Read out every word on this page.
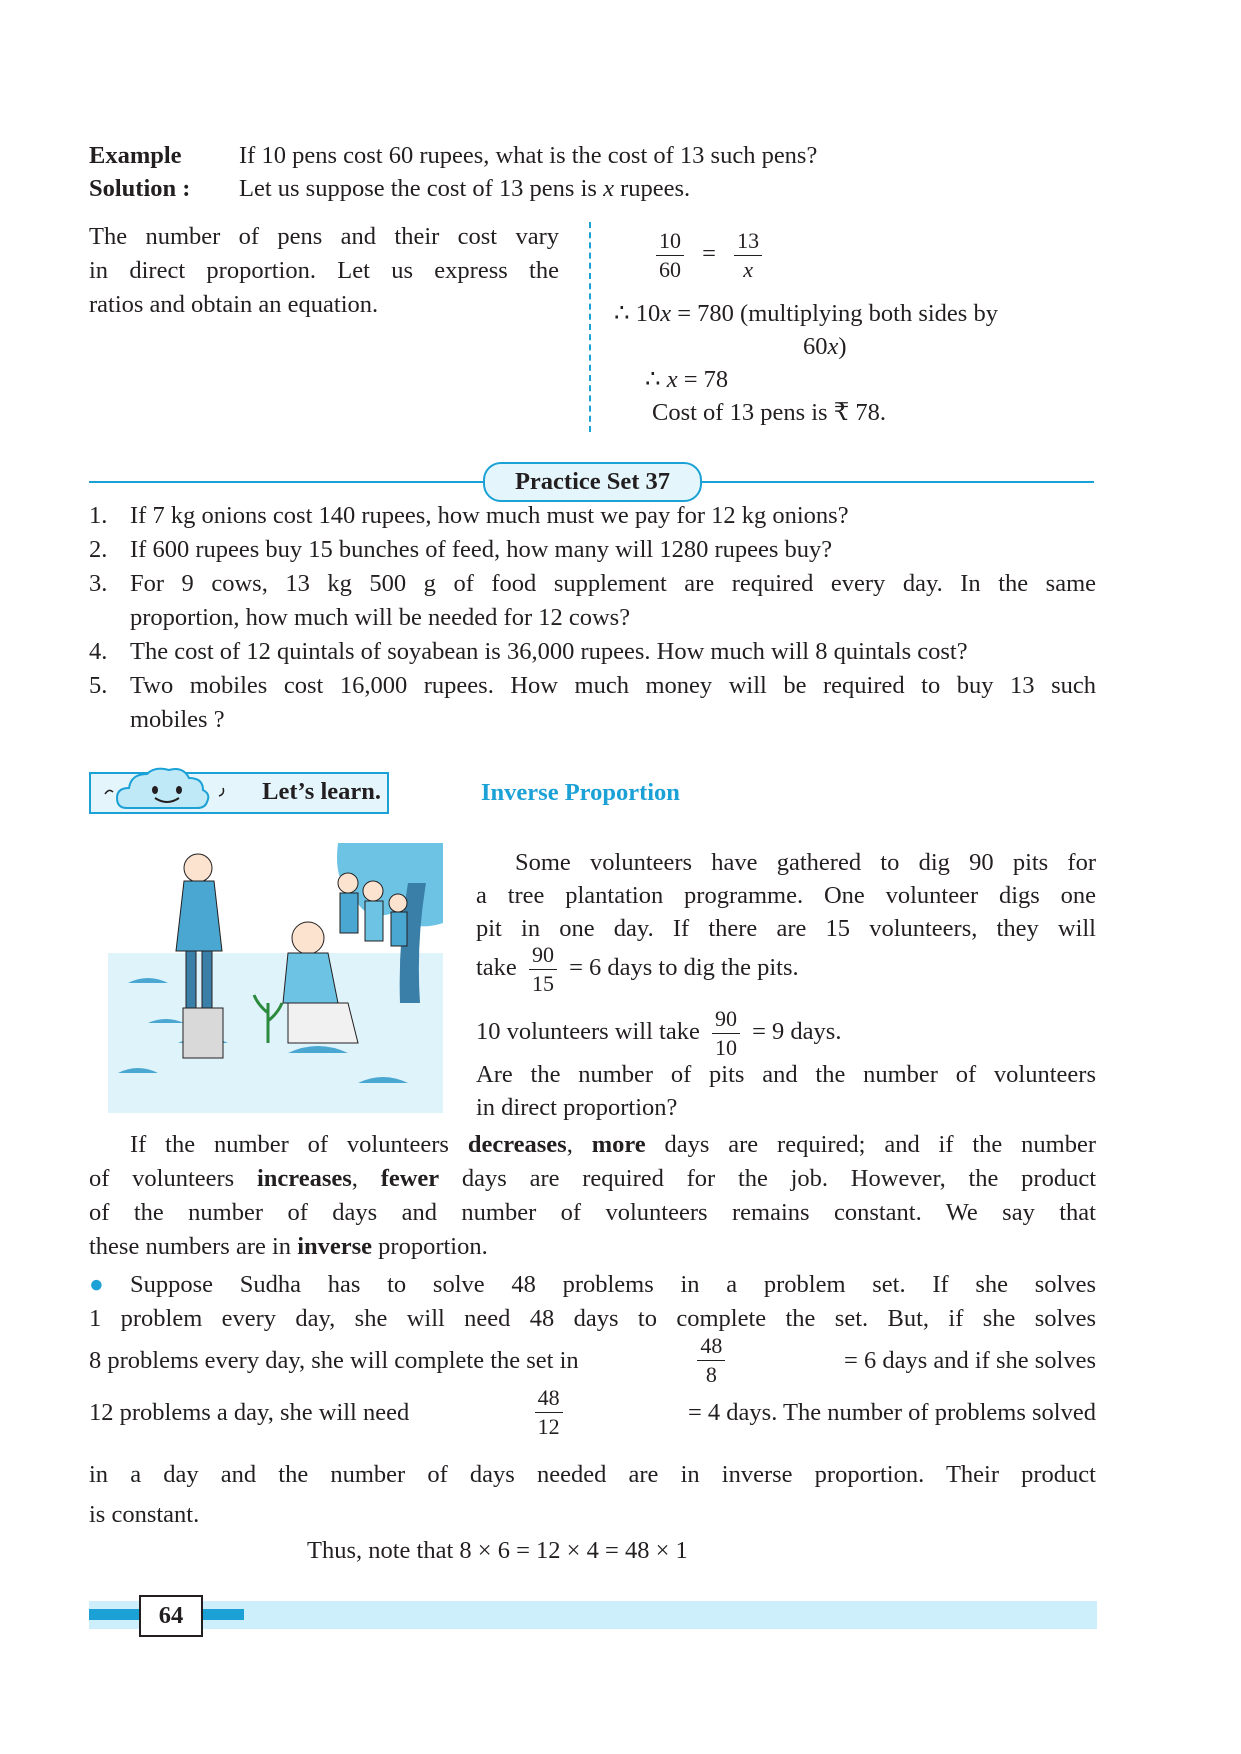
Example	If 10 pens cost 60 rupees, what is the cost of 13 such pens?
Solution :	Let us suppose the cost of 13 pens is x rupees.
The number of pens and their cost vary
in direct proportion. Let us express the
ratios and obtain an equation.
$\frac{10}{60} = \frac{13}{x}$
∴ 10x = 780 (multiplying both sides by
60x)
∴ x = 78
Cost of 13 pens is ₹ 78.
Practice Set 37
1. If 7 kg onions cost 140 rupees, how much must we pay for 12 kg onions?
2. If 600 rupees buy 15 bunches of feed, how many will 1280 rupees buy?
3. For 9 cows, 13 kg 500 g of food supplement are required every day. In the same
proportion, how much will be needed for 12 cows?
4. The cost of 12 quintals of soyabean is 36,000 rupees. How much will 8 quintals cost?
5. Two mobiles cost 16,000 rupees. How much money will be required to buy 13 such
mobiles ?
Let’s learn.	Inverse Proportion
Some volunteers have gathered to dig 90 pits for
a tree plantation programme. One volunteer digs one
pit in one day. If there are 15 volunteers, they will
take $\frac{90}{15} = 6$ days to dig the pits.
10 volunteers will take $\frac{90}{10} = 9$ days.
Are the number of pits and the number of volunteers
in direct proportion?
If the number of volunteers decreases, more days are required; and if the number
of volunteers increases, fewer days are required for the job. However, the product
of the number of days and number of volunteers remains constant. We say that
these numbers are in inverse proportion.
●	Suppose Sudha has to solve 48 problems in a problem set. If she solves
1 problem every day, she will need 48 days to complete the set. But, if she solves
8 problems every day, she will complete the set in	$\frac{48}{8}$	= 6 days and if she solves
12 problems a day, she will need	$\frac{48}{12}$	= 4 days. The number of problems solved
in a day and the number of days needed are in inverse proportion. Their product
is constant.
Thus, note that 8 × 6 = 12 × 4 = 48 × 1
64
